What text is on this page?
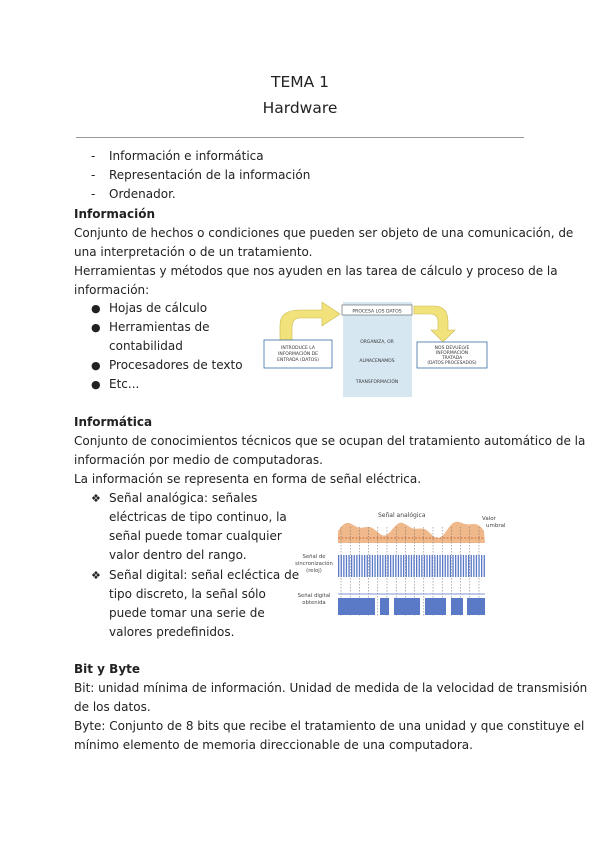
TEMA 1
Hardware
- Información e informática

- Representación de la información

- Ordenador.

Información

Conjunto de hechos o condiciones que pueden ser objeto de una comunicación, de

una interpretación o de un tratamiento.

Herramientas y métodos que nos ayuden en las tarea de cálculo y proceso de la

información:

● Hojas de cálculo

● Herramientas de

contabilidad

● Procesadores de texto

● Etc...

PROCESA LOS DATOS
INTRODUCE LA
INFORMACIÓN DE
ENTRADA (DATOS)
ORGANIZA, OR
ALMACENAMOS
TRANSFORMACIÓN
NOS DEVUELVE
INFORMACIÓN
TRATADA
(DATOS PROCESADOS)

Informática

Conjunto de conocimientos técnicos que se ocupan del tratamiento automático de la

información por medio de computadoras.

La información se representa en forma de señal eléctrica.

❖ Señal analógica: señales

eléctricas de tipo continuo, la

señal puede tomar cualquier

valor dentro del rango.

❖ Señal digital: señal ecléctica de

tipo discreto, la señal sólo

puede tomar una serie de

valores predefinidos.

Señal analógica	Valor
umbral
Señal de
sincronización
(reloj)
Señal digital
obtenida

Bit y Byte

Bit: unidad mínima de información. Unidad de medida de la velocidad de transmisión

de los datos.

Byte: Conjunto de 8 bits que recibe el tratamiento de una unidad y que constituye el

mínimo elemento de memoria direccionable de una computadora.
